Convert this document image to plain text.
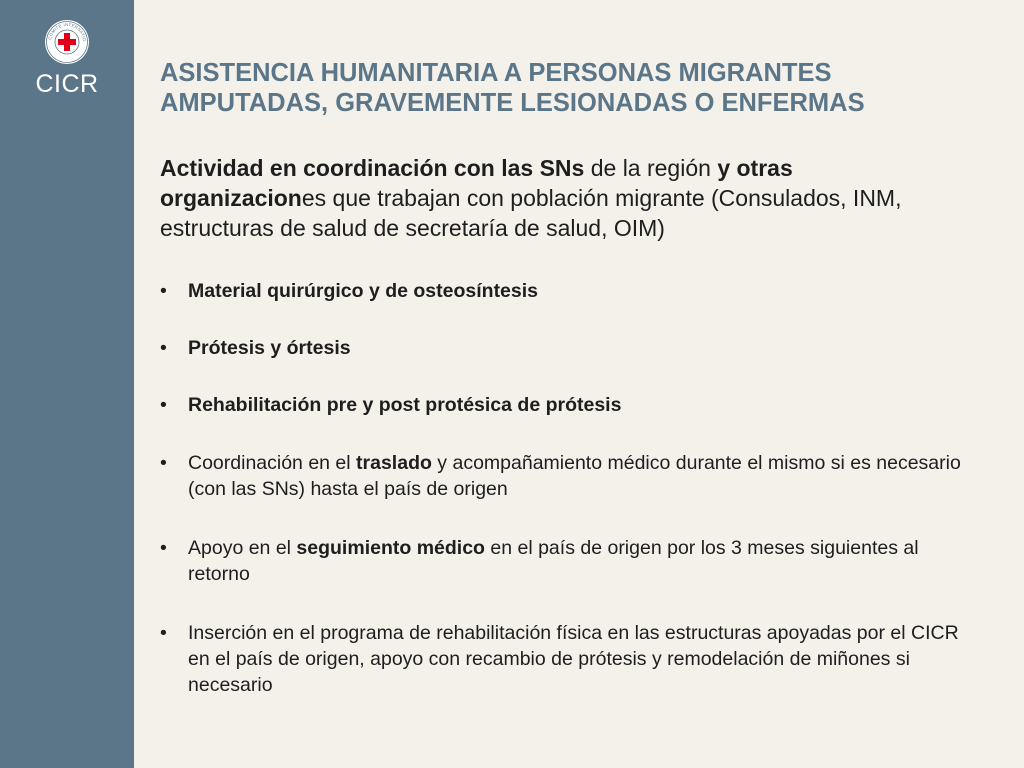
COMITE INTERNATIO
CICR	ASISTENCIA HUMANITARIA A PERSONAS MIGRANTES
AMPUTADAS, GRAVEMENTE LESIONADAS O ENFERMAS

Actividad en coordinación con las SNs de la región y otras organizaciones que trabajan con población migrante (Consulados, INM, estructuras de salud de secretaría de salud, OIM)

•	Material quirúrgico y de osteosíntesis
•	Prótesis y órtesis
•	Rehabilitación pre y post protésica de prótesis
•	Coordinación en el traslado y acompañamiento médico durante el mismo si es necesario (con las SNs) hasta el país de origen
•	Apoyo en el seguimiento médico en el país de origen por los 3 meses siguientes al retorno
•	Inserción en el programa de rehabilitación física en las estructuras apoyadas por el CICR en el país de origen, apoyo con recambio de prótesis y remodelación de miñones si necesario
